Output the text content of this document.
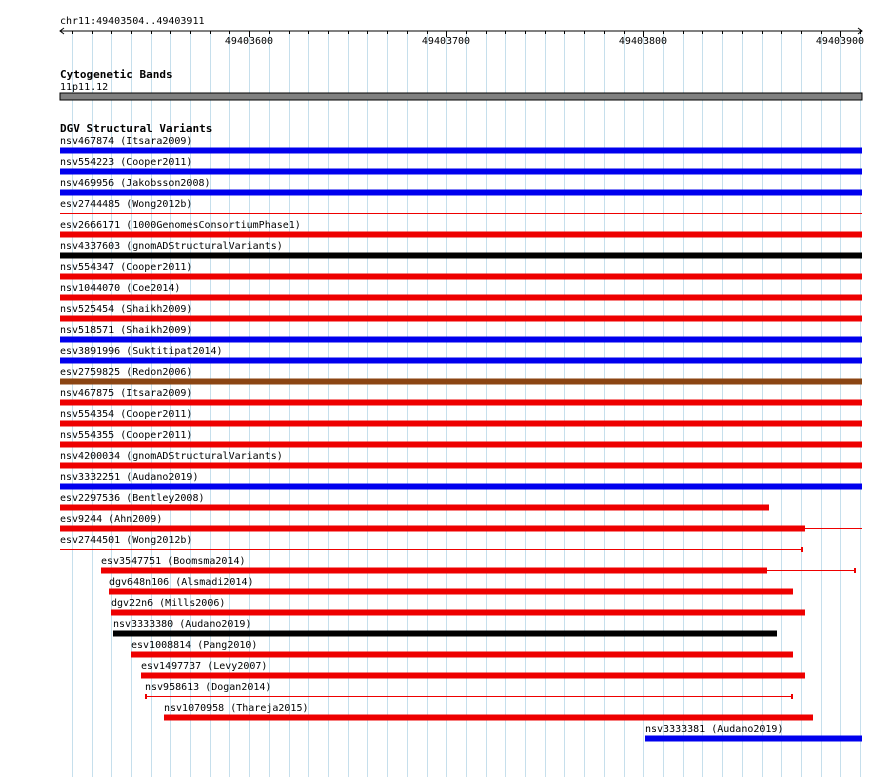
chr11:49403504..49403911
49403600	49403700	49403800	49403900
Cytogenetic Bands
11p11.12
DGV Structural Variants
nsv467874 (Itsara2009)
nsv554223 (Cooper2011)
nsv469956 (Jakobsson2008)
esv2744485 (Wong2012b)
esv2666171 (1000GenomesConsortiumPhase1)
nsv4337603 (gnomADStructuralVariants)
nsv554347 (Cooper2011)
nsv1044070 (Coe2014)
nsv525454 (Shaikh2009)
nsv518571 (Shaikh2009)
esv3891996 (Suktitipat2014)
esv2759825 (Redon2006)
nsv467875 (Itsara2009)
nsv554354 (Cooper2011)
nsv554355 (Cooper2011)
nsv4200034 (gnomADStructuralVariants)
nsv3332251 (Audano2019)
esv2297536 (Bentley2008)
esv9244 (Ahn2009)
esv2744501 (Wong2012b)
esv3547751 (Boomsma2014)
dgv648n106 (Alsmadi2014)
dgv22n6 (Mills2006)
nsv3333380 (Audano2019)
esv1008814 (Pang2010)
esv1497737 (Levy2007)
nsv958613 (Dogan2014)
nsv1070958 (Thareja2015)
nsv3333381 (Audano2019)
